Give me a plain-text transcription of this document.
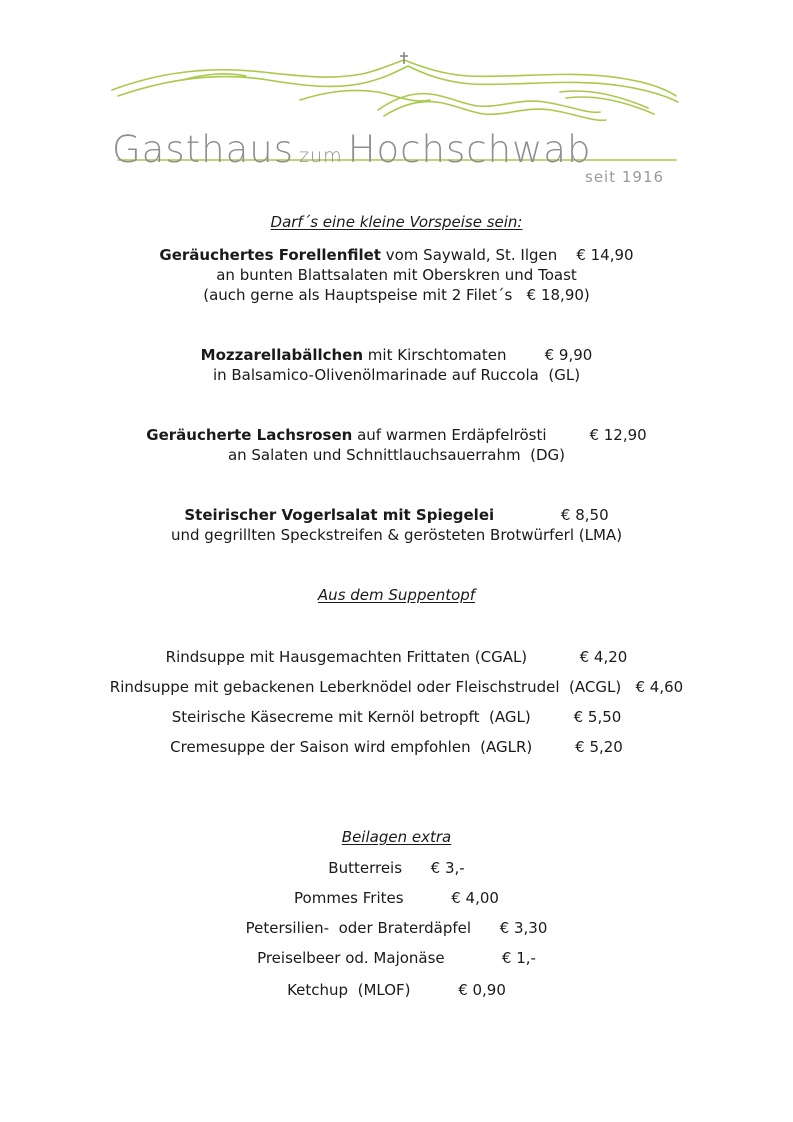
Gasthaus zum Hochschwab
seit 1916
Darf´s eine kleine Vorspeise sein:
Geräuchertes Forellenfilet vom Saywald, St. Ilgen € 14,90
an bunten Blattsalaten mit Oberskren und Toast
(auch gerne als Hauptspeise mit 2 Filet´s   € 18,90)
Mozzarellabällchen mit Kirschtomaten	€ 9,90
in Balsamico-Olivenölmarinade auf Ruccola  (GL)
Geräucherte Lachsrosen auf warmen Erdäpfelrösti	€ 12,90
an Salaten und Schnittlauchsauerrahm  (DG)
Steirischer Vogerlsalat mit Spiegelei	€ 8,50
und gegrillten Speckstreifen & gerösteten Brotwürferl (LMA)
Aus dem Suppentopf
Rindsuppe mit Hausgemachten Frittaten (CGAL)	€ 4,20
Rindsuppe mit gebackenen Leberknödel oder Fleischstrudel  (ACGL) € 4,60
Steirische Käsecreme mit Kernöl betropft  (AGL)	€ 5,50
Cremesuppe der Saison wird empfohlen  (AGLR)	€ 5,20
Beilagen extra
Butterreis € 3,-
Pommes Frites	€ 4,00
Petersilien-  oder Braterdäpfel € 3,30
Preiselbeer od. Majonäse	€ 1,-
Ketchup  (MLOF)	€ 0,90
